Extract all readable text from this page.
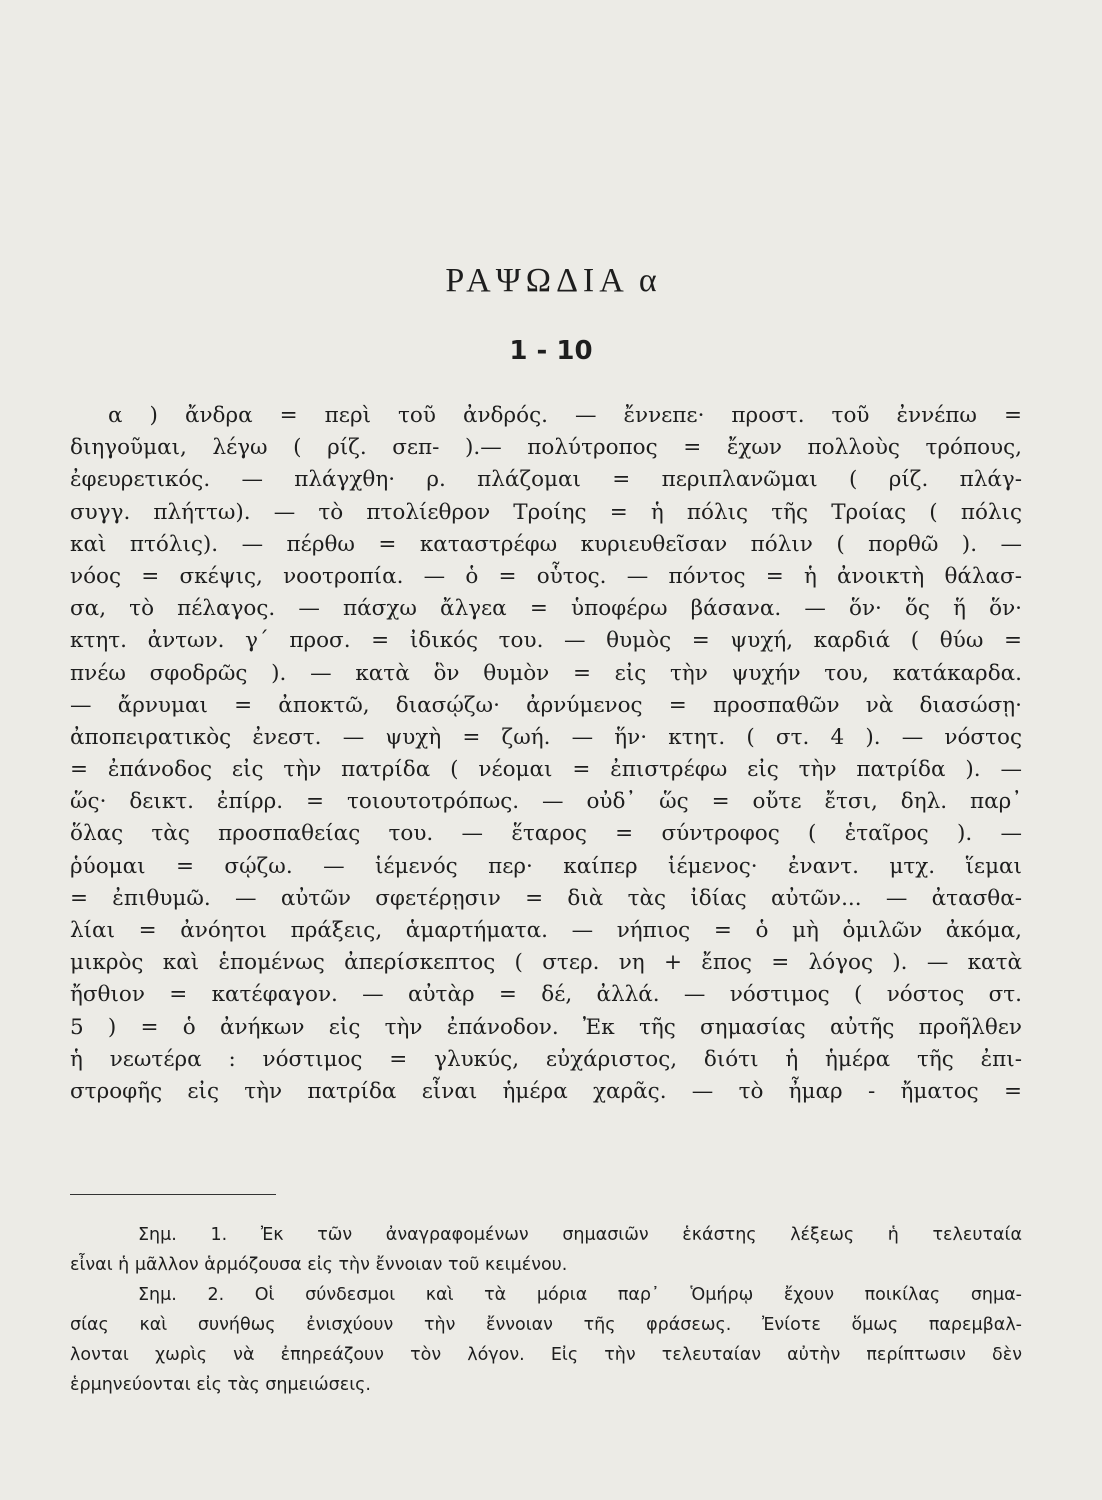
ΡΑΨΩΔΙΑ α
1 - 10
α ) ἄνδρα = περὶ τοῦ ἀνδρός. — ἔννεπε· προστ. τοῦ ἐννέπω =
διηγοῦμαι, λέγω ( ρίζ. σεπ- ).— πολύτροπος = ἔχων πολλοὺς τρόπους,
ἐφευρετικός. — πλάγχθη· ρ. πλάζομαι = περιπλανῶμαι ( ρίζ. πλάγ-
συγγ. πλήττω). — τὸ πτολίεθρον Τροίης = ἡ πόλις τῆς Τροίας ( πόλις
καὶ πτόλις). — πέρθω = καταστρέφω κυριευθεῖσαν πόλιν ( πορθῶ ). —
νόος = σκέψις, νοοτροπία. — ὁ = οὗτος. — πόντος = ἡ ἀνοικτὴ θάλασ-
σα, τὸ πέλαγος. — πάσχω ἄλγεα = ὑποφέρω βάσανα. — ὅν· ὅς ἥ ὅν·
κτητ. ἀντων. γ´ προσ. = ἰδικός του. — θυμὸς = ψυχή, καρδιά ( θύω =
πνέω σφοδρῶς ). — κατὰ ὃν θυμὸν = εἰς τὴν ψυχήν του, κατάκαρδα.
— ἄρνυμαι = ἀποκτῶ, διασῴζω· ἀρνύμενος = προσπαθῶν νὰ διασώσῃ·
ἀποπειρατικὸς ἐνεστ. — ψυχὴ = ζωή. — ἥν· κτητ. ( στ. 4 ). — νόστος
= ἐπάνοδος εἰς τὴν πατρίδα ( νέομαι = ἐπιστρέφω εἰς τὴν πατρίδα ). —
ὥς· δεικτ. ἐπίρρ. = τοιουτοτρόπως. — οὐδ᾿ ὥς = οὔτε ἔτσι, δηλ. παρ᾿
ὅλας τὰς προσπαθείας του. — ἕταρος = σύντροφος ( ἑταῖρος ). —
ῥύομαι = σῴζω. — ἱέμενός περ· καίπερ ἱέμενος· ἐναντ. μτχ. ἵεμαι
= ἐπιθυμῶ. — αὐτῶν σφετέρῃσιν = διὰ τὰς ἰδίας αὐτῶν... — ἀτασθα-
λίαι = ἀνόητοι πράξεις, ἁμαρτήματα. — νήπιος = ὁ μὴ ὁμιλῶν ἀκόμα,
μικρὸς καὶ ἑπομένως ἀπερίσκεπτος ( στερ. νη + ἔπος = λόγος ). — κατὰ
ἤσθιον = κατέφαγον. — αὐτὰρ = δέ, ἀλλά. — νόστιμος ( νόστος στ.
5 ) = ὁ ἀνήκων εἰς τὴν ἐπάνοδον. Ἐκ τῆς σημασίας αὐτῆς προῆλθεν
ἡ νεωτέρα : νόστιμος = γλυκύς, εὐχάριστος, διότι ἡ ἡμέρα τῆς ἐπι-
στροφῆς εἰς τὴν πατρίδα εἶναι ἡμέρα χαρᾶς. — τὸ ἦμαρ - ἤματος =
Σημ. 1. Ἐκ τῶν ἀναγραφομένων σημασιῶν ἑκάστης λέξεως ἡ τελευταία
εἶναι ἡ μᾶλλον ἁρμόζουσα εἰς τὴν ἔννοιαν τοῦ κειμένου.
Σημ. 2. Οἱ σύνδεσμοι καὶ τὰ μόρια παρ᾿ Ὁμήρῳ ἔχουν ποικίλας σημα-
σίας καὶ συνήθως ἐνισχύουν τὴν ἔννοιαν τῆς φράσεως. Ἐνίοτε ὅμως παρεμβαλ-
λονται χωρὶς νὰ ἐπηρεάζουν τὸν λόγον. Εἰς τὴν τελευταίαν αὐτὴν περίπτωσιν δὲν
ἑρμηνεύονται εἰς τὰς σημειώσεις.
